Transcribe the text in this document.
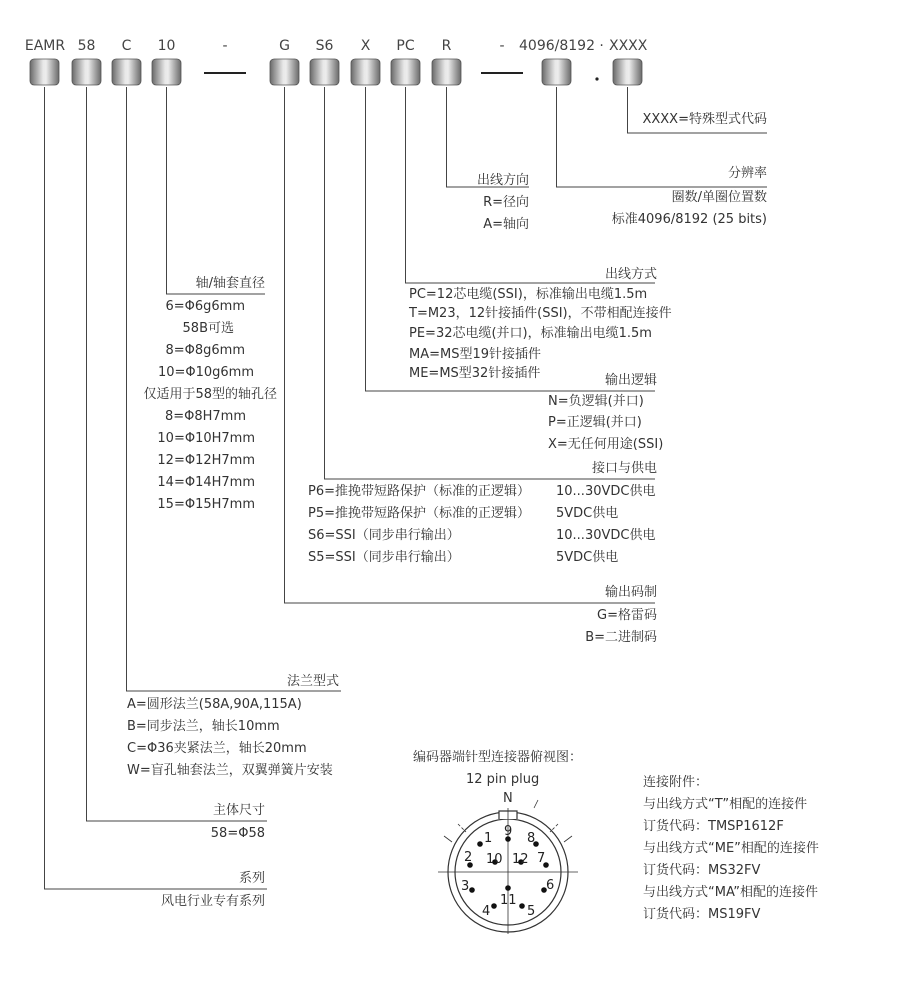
1 9 8
2 10 12 7
3
11
6
4	5
EAMR 58	C	10	-	G	S6	X	PC	R	-	4096/8192 · XXXX
XXXX=特殊型式代码
分辨率
圈数/单圈位置数
标准4096/8192 (25 bits)
出线方向
R=径向
A=轴向
轴/轴套直径
6=Φ6g6mm
58B可选
8=Φ8g6mm
10=Φ10g6mm
仅适用于58型的轴孔径
8=Φ8H7mm
10=Φ10H7mm
12=Φ12H7mm
14=Φ14H7mm
15=Φ15H7mm
出线方式
PC=12芯电缆(SSI)，标准输出电缆1.5m
T=M23，12针接插件(SSI)，不带相配连接件
PE=32芯电缆(并口)，标准输出电缆1.5m
MA=MS型19针接插件
ME=MS型32针接插件	输出逻辑
N=负逻辑(并口)
P=正逻辑(并口)
X=无任何用途(SSI)
接口与供电
P6=推挽带短路保护（标准的正逻辑） 10...30VDC供电
P5=推挽带短路保护（标准的正逻辑） 5VDC供电
S6=SSI（同步串行输出）	10...30VDC供电
S5=SSI（同步串行输出）	5VDC供电
输出码制
G=格雷码
B=二进制码
法兰型式
A=圆形法兰(58A,90A,115A)
B=同步法兰，轴长10mm
C=Φ36夹紧法兰，轴长20mm
W=盲孔轴套法兰，双翼弹簧片安装
主体尺寸
58=Φ58
系列
风电行业专有系列
编码器端针型连接器俯视图：
12 pin plug
N
连接附件：
与出线方式“T”相配的连接件
订货代码：TMSP1612F
与出线方式“ME”相配的连接件
订货代码：MS32FV
与出线方式“MA”相配的连接件
订货代码：MS19FV
